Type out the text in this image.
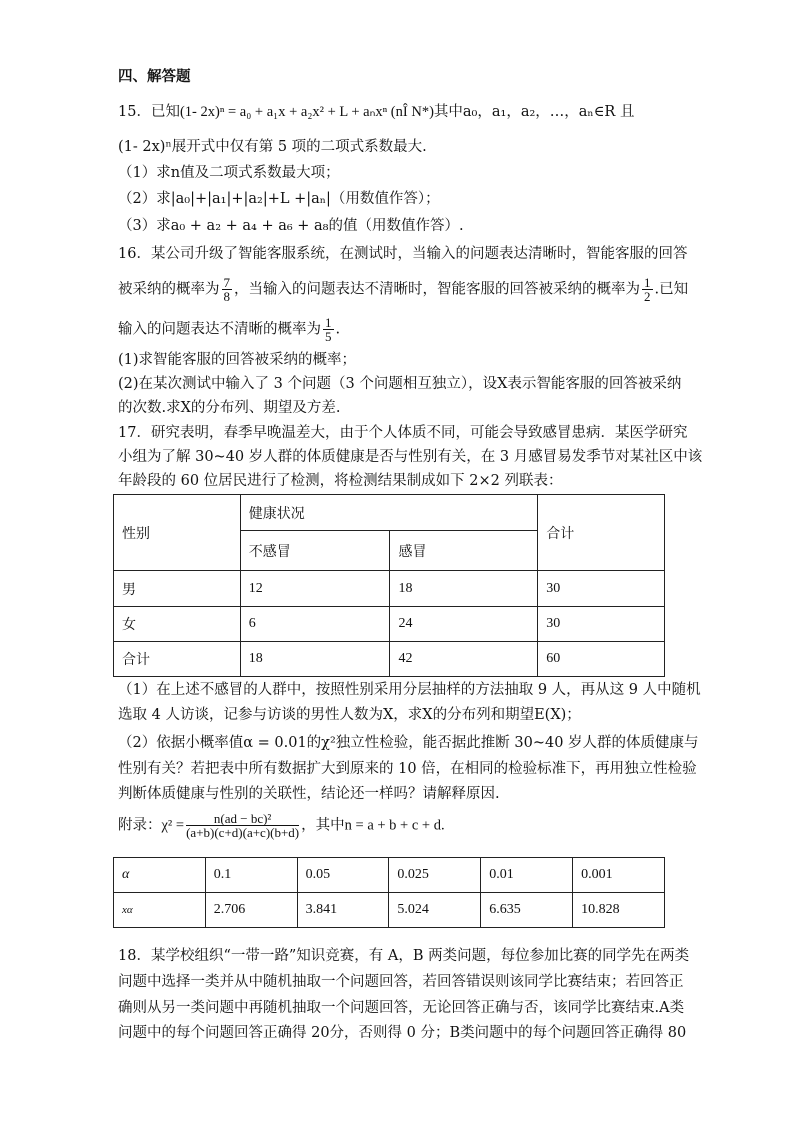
四、解答题
15．已知(1- 2x)ⁿ = a₀ + a₁x + a₂x² + L + aₙxⁿ (nÎ N*)其中a₀，a₁，a₂，…，aₙ∈R 且
(1- 2x)ⁿ展开式中仅有第 5 项的二项式系数最大.
（1）求n值及二项式系数最大项；
（2）求|a₀|+|a₁|+|a₂|+L +|aₙ|（用数值作答）；
（3）求a₀ + a₂ + a₄ + a₆ + a₈的值（用数值作答）.
16．某公司升级了智能客服系统，在测试时，当输入的问题表达清晰时，智能客服的回答
被采纳的概率为 $\frac{7}{8}$ ，当输入的问题表达不清晰时，智能客服的回答被采纳的概率为 $\frac{1}{2}$ .已知
输入的问题表达不清晰的概率为 $\frac{1}{5}$ .
(1)求智能客服的回答被采纳的概率；
(2)在某次测试中输入了 3 个问题（3 个问题相互独立），设X表示智能客服的回答被采纳
的次数.求X的分布列、期望及方差.
17．研究表明，春季早晚温差大，由于个人体质不同，可能会导致感冒患病．某医学研究
小组为了解 30~40 岁人群的体质健康是否与性别有关，在 3 月感冒易发季节对某社区中该
年龄段的 60 位居民进行了检测，将检测结果制成如下 2×2 列联表：
性别	健康状况		合计
	不感冒	感冒	
男	12	18	30
女	6	24	30
合计	18	42	60
（1）在上述不感冒的人群中，按照性别采用分层抽样的方法抽取 9 人，再从这 9 人中随机
选取 4 人访谈，记参与访谈的男性人数为X，求X的分布列和期望E(X)；
（2）依据小概率值α = 0.01的χ²独立性检验，能否据此推断 30~40 岁人群的体质健康与
性别有关？若把表中所有数据扩大到原来的 10 倍，在相同的检验标准下，再用独立性检验
判断体质健康与性别的关联性，结论还一样吗？请解释原因.
附录：$\chi^2 = \frac{\text{n(ad − bc)²}}{(a+b)(c+d)(a+c)(b+d)}$ ，其中n = a + b + c + d.
α	0.1	0.05	0.025	0.01	0.001
xα	2.706	3.841	5.024	6.635	10.828
18．某学校组织“一带一路”知识竞赛，有 A，B 两类问题，每位参加比赛的同学先在两类
问题中选择一类并从中随机抽取一个问题回答，若回答错误则该同学比赛结束；若回答正
确则从另一类问题中再随机抽取一个问题回答，无论回答正确与否，该同学比赛结束.A类
问题中的每个问题回答正确得 20分，否则得 0 分；B类问题中的每个问题回答正确得 80
